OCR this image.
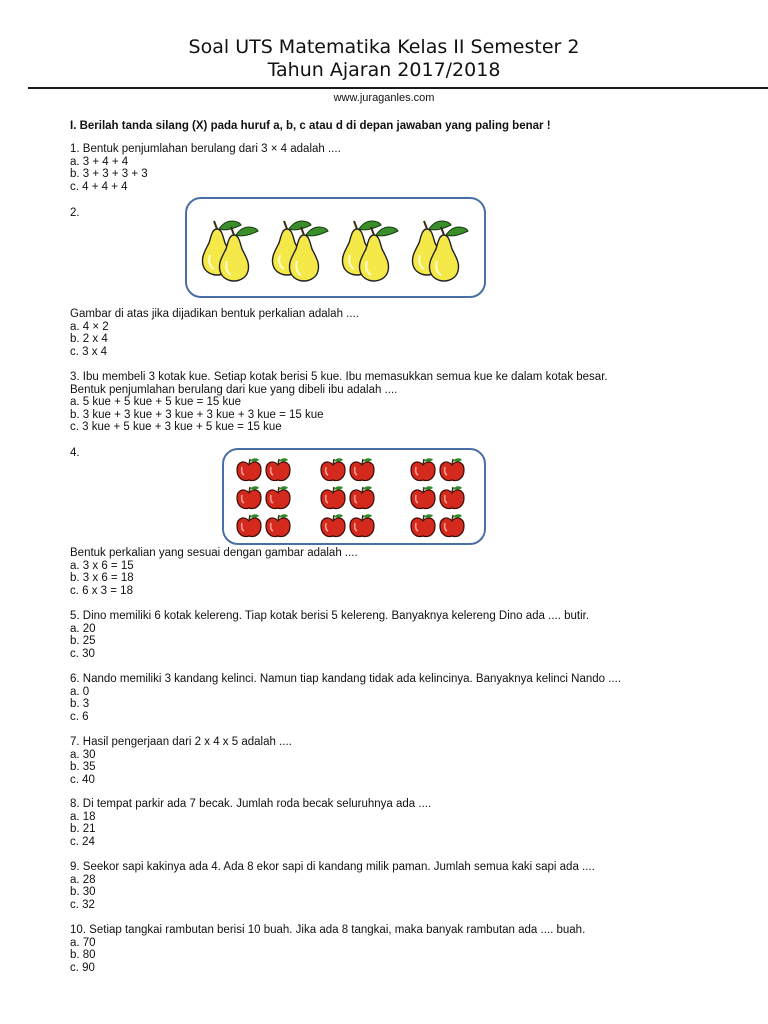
Soal UTS Matematika Kelas II Semester 2
Tahun Ajaran 2017/2018
www.juraganles.com
I. Berilah tanda silang (X) pada huruf a, b, c atau d di depan jawaban yang paling benar !
1. Bentuk penjumlahan berulang dari 3 × 4 adalah ....
a. 3 + 4 + 4
b. 3 + 3 + 3 + 3
c. 4 + 4 + 4
2.
Gambar di atas jika dijadikan bentuk perkalian adalah ....
a. 4 × 2
b. 2 x 4
c. 3 x 4
3. Ibu membeli 3 kotak kue. Setiap kotak berisi 5 kue. Ibu memasukkan semua kue ke dalam kotak besar.
Bentuk penjumlahan berulang dari kue yang dibeli ibu adalah ....
a. 5 kue + 5 kue + 5 kue = 15 kue
b. 3 kue + 3 kue + 3 kue + 3 kue + 3 kue = 15 kue
c. 3 kue + 5 kue + 3 kue + 5 kue = 15 kue
4.
Bentuk perkalian yang sesuai dengan gambar adalah ....
a. 3 x 6 = 15
b. 3 x 6 = 18
c. 6 x 3 = 18
5. Dino memiliki 6 kotak kelereng. Tiap kotak berisi 5 kelereng. Banyaknya kelereng Dino ada .... butir.
a. 20
b. 25
c. 30
6. Nando memiliki 3 kandang kelinci. Namun tiap kandang tidak ada kelincinya. Banyaknya kelinci Nando ....
a. 0
b. 3
c. 6
7. Hasil pengerjaan dari 2 x 4 x 5 adalah ....
a. 30
b. 35
c. 40
8. Di tempat parkir ada 7 becak. Jumlah roda becak seluruhnya ada ....
a. 18
b. 21
c. 24
9. Seekor sapi kakinya ada 4. Ada 8 ekor sapi di kandang milik paman. Jumlah semua kaki sapi ada ....
a. 28
b. 30
c. 32
10. Setiap tangkai rambutan berisi 10 buah. Jika ada 8 tangkai, maka banyak rambutan ada .... buah.
a. 70
b. 80
c. 90
